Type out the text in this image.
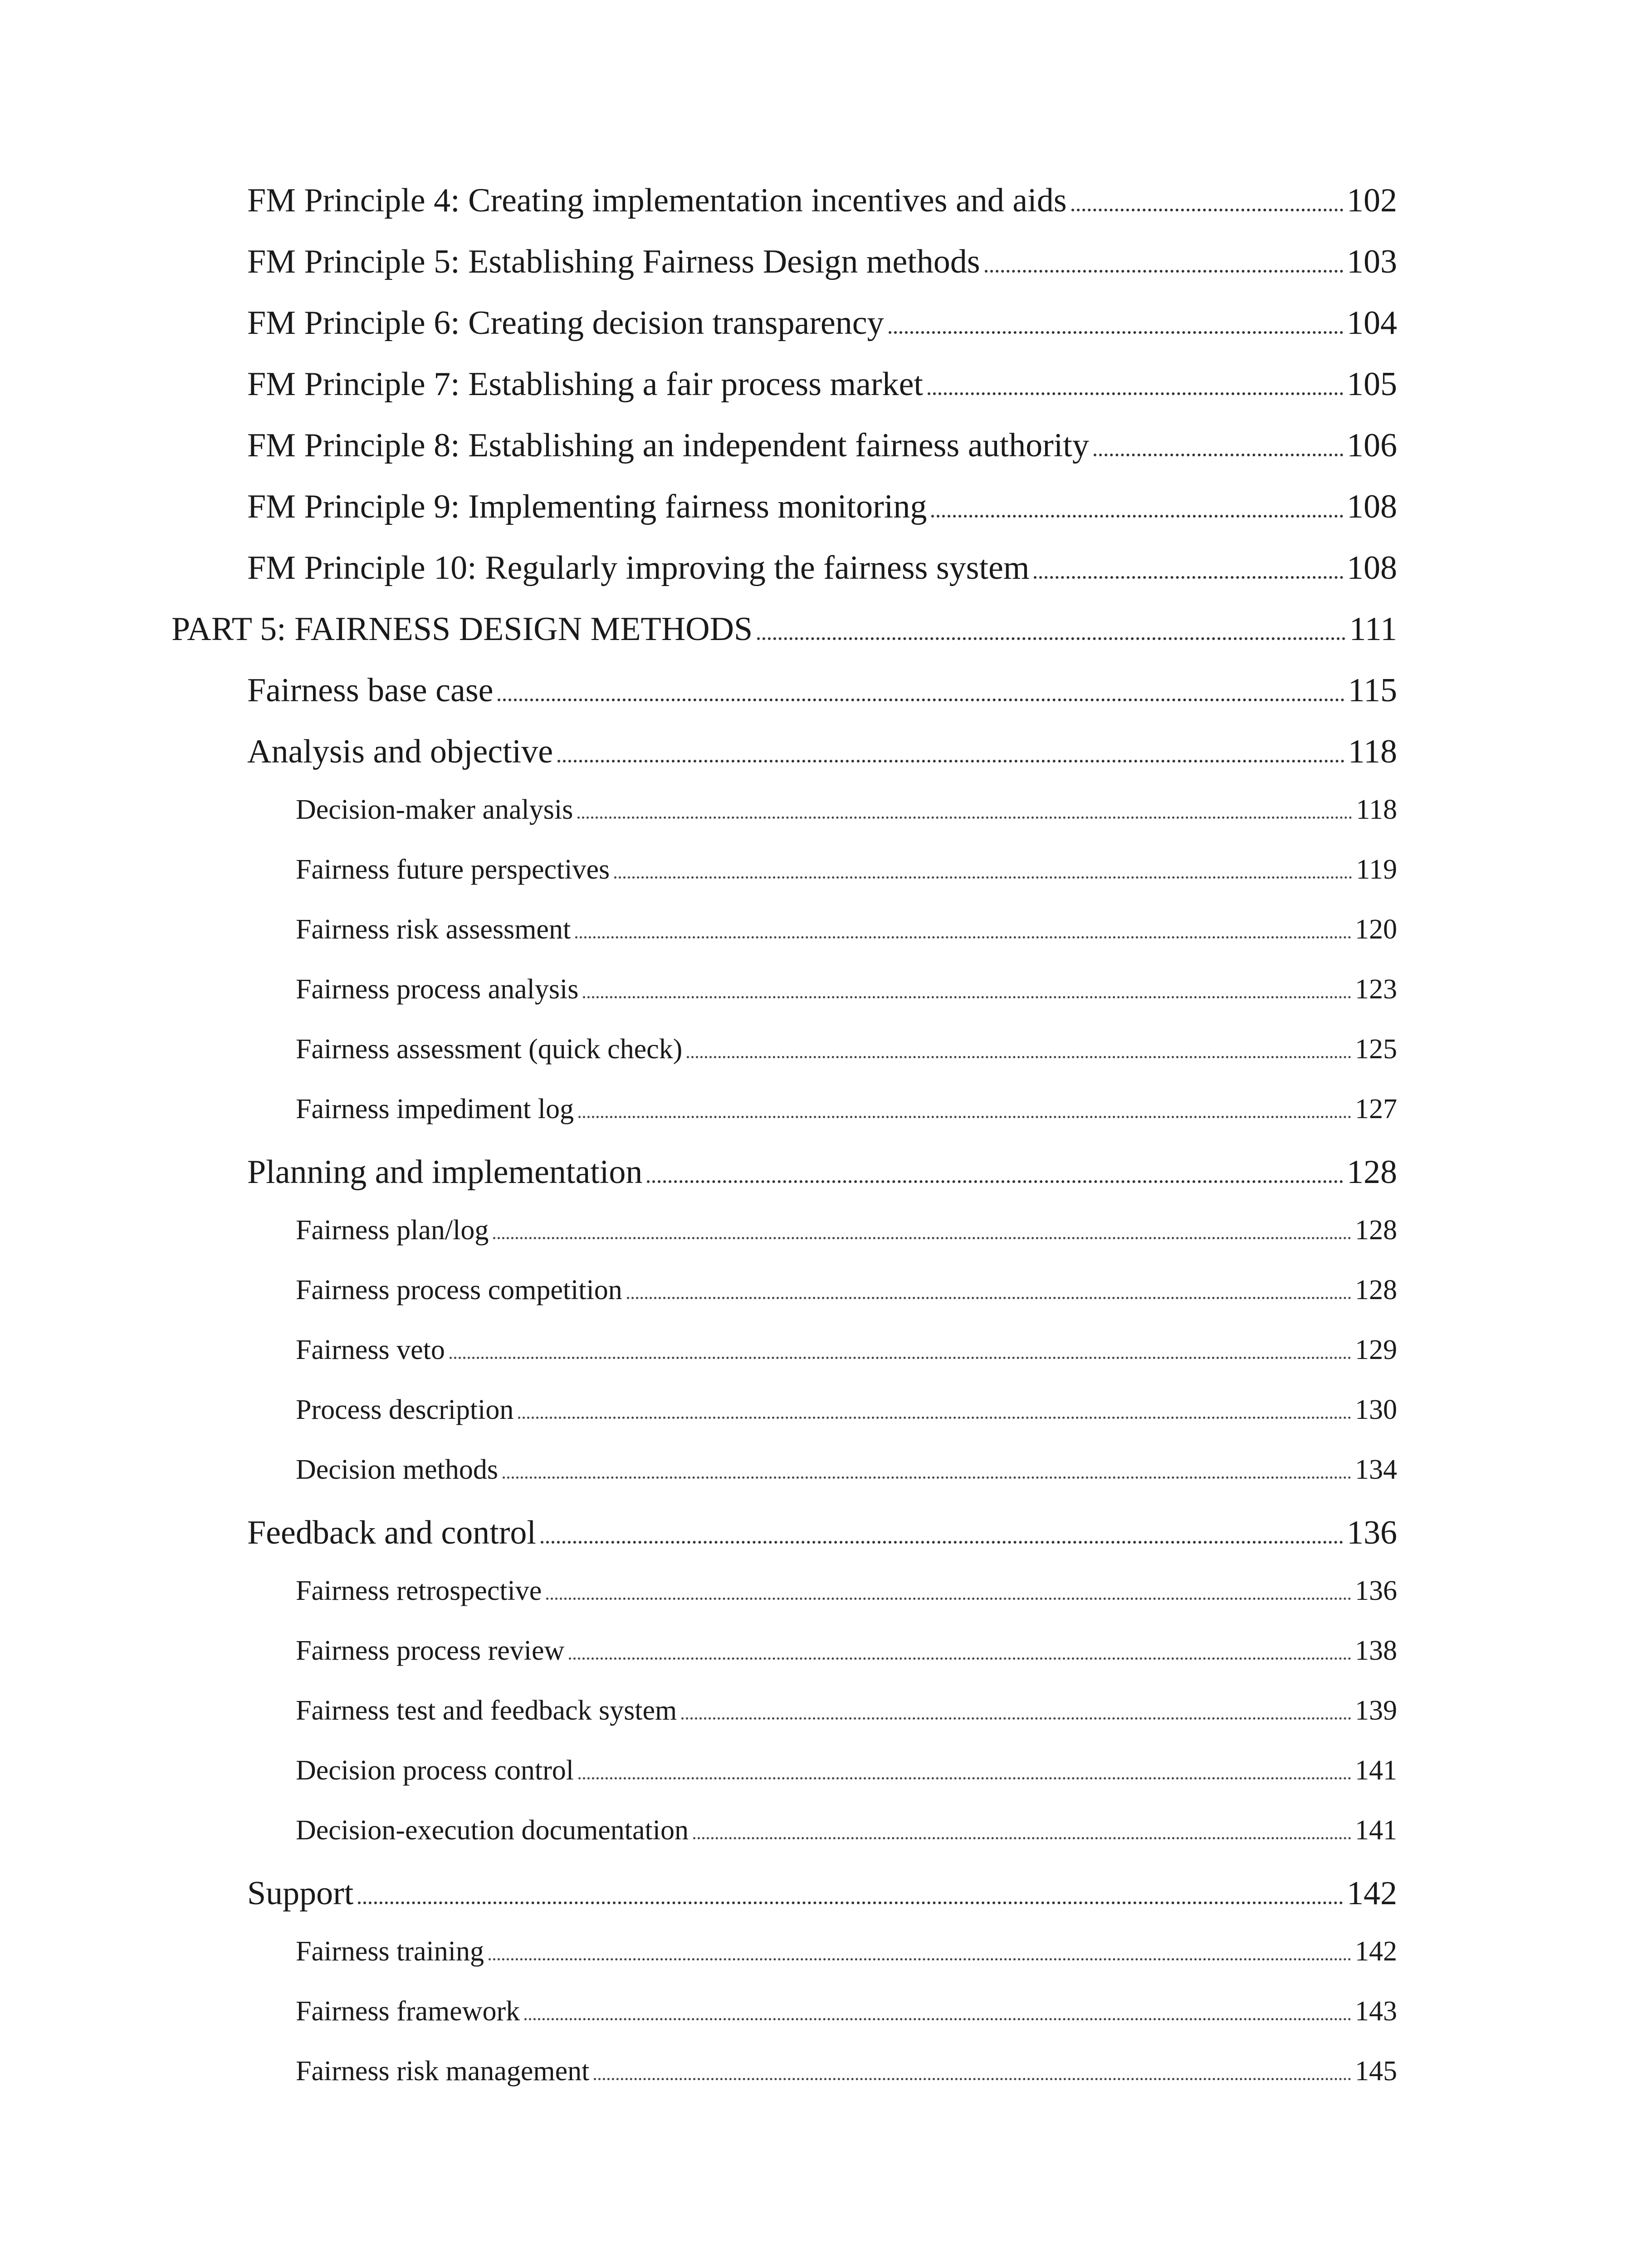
FM Principle 4: Creating implementation incentives and aids	102
FM Principle 5: Establishing Fairness Design methods	103
FM Principle 6: Creating decision transparency	104
FM Principle 7: Establishing a fair process market	105
FM Principle 8: Establishing an independent fairness authority	106
FM Principle 9: Implementing fairness monitoring	108
FM Principle 10: Regularly improving the fairness system	108
PART 5: FAIRNESS DESIGN METHODS	111
Fairness base case	115
Analysis and objective	118
Decision-maker analysis	118
Fairness future perspectives	119
Fairness risk assessment	120
Fairness process analysis	123
Fairness assessment (quick check)	125
Fairness impediment log	127
Planning and implementation	128
Fairness plan/log	128
Fairness process competition	128
Fairness veto	129
Process description	130
Decision methods	134
Feedback and control	136
Fairness retrospective	136
Fairness process review	138
Fairness test and feedback system	139
Decision process control	141
Decision-execution documentation	141
Support	142
Fairness training	142
Fairness framework	143
Fairness risk management	145
